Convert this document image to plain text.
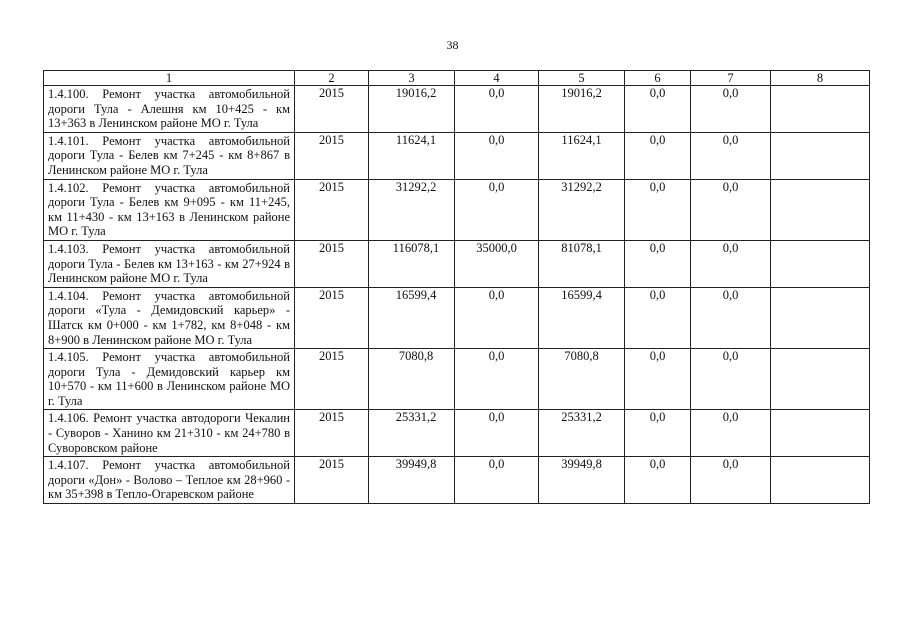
38
1	2	3	4	5	6	7	8
1.4.100. Ремонт участка автомобильной дороги Тула - Алешня км 10+425 - км 13+363 в Ленинском районе МО г. Тула	2015	19016,2	0,0	19016,2	0,0	0,0	
1.4.101. Ремонт участка автомобильной дороги Тула - Белев км 7+245 - км 8+867 в Ленинском районе МО г. Тула	2015	11624,1	0,0	11624,1	0,0	0,0	
1.4.102. Ремонт участка автомобильной дороги Тула - Белев км 9+095 - км 11+245, км 11+430 - км 13+163 в Ленинском районе МО г. Тула	2015	31292,2	0,0	31292,2	0,0	0,0	
1.4.103. Ремонт участка автомобильной дороги Тула - Белев км 13+163 - км 27+924 в Ленинском районе МО г. Тула	2015	116078,1	35000,0	81078,1	0,0	0,0	
1.4.104. Ремонт участка автомобильной дороги «Тула - Демидовский карьер» - Шатск км 0+000 - км 1+782, км 8+048 - км 8+900 в Ленинском районе МО г. Тула	2015	16599,4	0,0	16599,4	0,0	0,0	
1.4.105. Ремонт участка автомобильной дороги Тула - Демидовский карьер км 10+570 - км 11+600 в Ленинском районе МО г. Тула	2015	7080,8	0,0	7080,8	0,0	0,0	
1.4.106. Ремонт участка автодороги Чекалин - Суворов - Ханино км 21+310 - км 24+780 в Суворовском районе	2015	25331,2	0,0	25331,2	0,0	0,0	
1.4.107. Ремонт участка автомобильной дороги «Дон» - Волово – Теплое км 28+960 - км 35+398 в Тепло-Огаревском районе	2015	39949,8	0,0	39949,8	0,0	0,0	
